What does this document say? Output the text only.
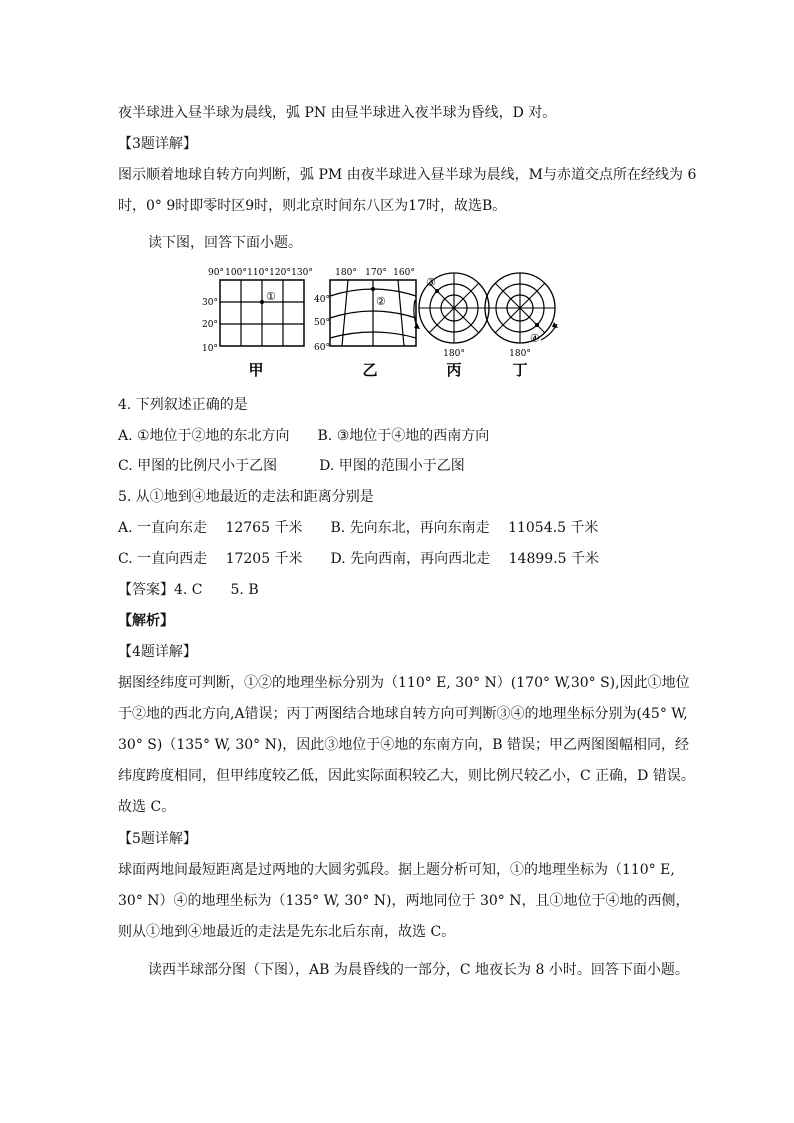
夜半球进入昼半球为晨线，弧 PN 由昼半球进入夜半球为昏线，D 对。
【3题详解】
图示顺着地球自转方向判断，弧 PM 由夜半球进入昼半球为晨线，M与赤道交点所在经线为 6
时，0° 9时即零时区9时，则北京时间东八区为17时，故选B。
读下图，回答下面小题。
90° 100° 110° 120° 130°
30°
20°
10°
①
甲
180° 170° 160°
40°
50°
60°
②
乙
③
180°
丙
④
180°
丁
4. 下列叙述正确的是
A. ①地位于②地的东北方向　　B. ③地位于④地的西南方向
C. 甲图的比例尺小于乙图　　　D. 甲图的范围小于乙图
5. 从①地到④地最近的走法和距离分别是
A. 一直向东走　 12765 千米　　B. 先向东北，再向东南走　 11054.5 千米
C. 一直向西走　 17205 千米　　D. 先向西南，再向西北走　 14899.5 千米
【答案】4. C　　5. B
【解析】
【4题详解】
据图经纬度可判断，①②的地理坐标分别为（110° E, 30° N）(170° W,30° S),因此①地位
于②地的西北方向,A错误；丙丁两图结合地球自转方向可判断③④的地理坐标分别为(45° W,
30° S)（135° W, 30° N)，因此③地位于④地的东南方向，B 错误；甲乙两图图幅相同，经
纬度跨度相同，但甲纬度较乙低，因此实际面积较乙大，则比例尺较乙小，C 正确，D 错误。
故选 C。
【5题详解】
球面两地间最短距离是过两地的大圆劣弧段。据上题分析可知，①的地理坐标为（110° E,
30° N）④的地理坐标为（135° W, 30° N)，两地同位于 30° N，且①地位于④地的西侧，
则从①地到④地最近的走法是先东北后东南，故选 C。
读西半球部分图（下图），AB 为晨昏线的一部分，C 地夜长为 8 小时。回答下面小题。
